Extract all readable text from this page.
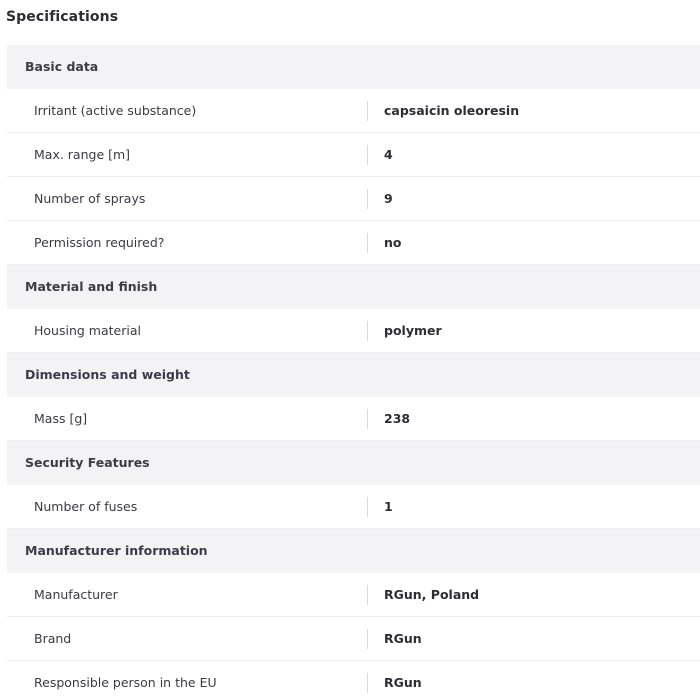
Specifications
Basic data
Irritant (active substance)	capsaicin oleoresin
Max. range [m]	4
Number of sprays	9
Permission required?	no
Material and finish
Housing material	polymer
Dimensions and weight
Mass [g]	238
Security Features
Number of fuses	1
Manufacturer information
Manufacturer	RGun, Poland
Brand	RGun
Responsible person in the EU	RGun
